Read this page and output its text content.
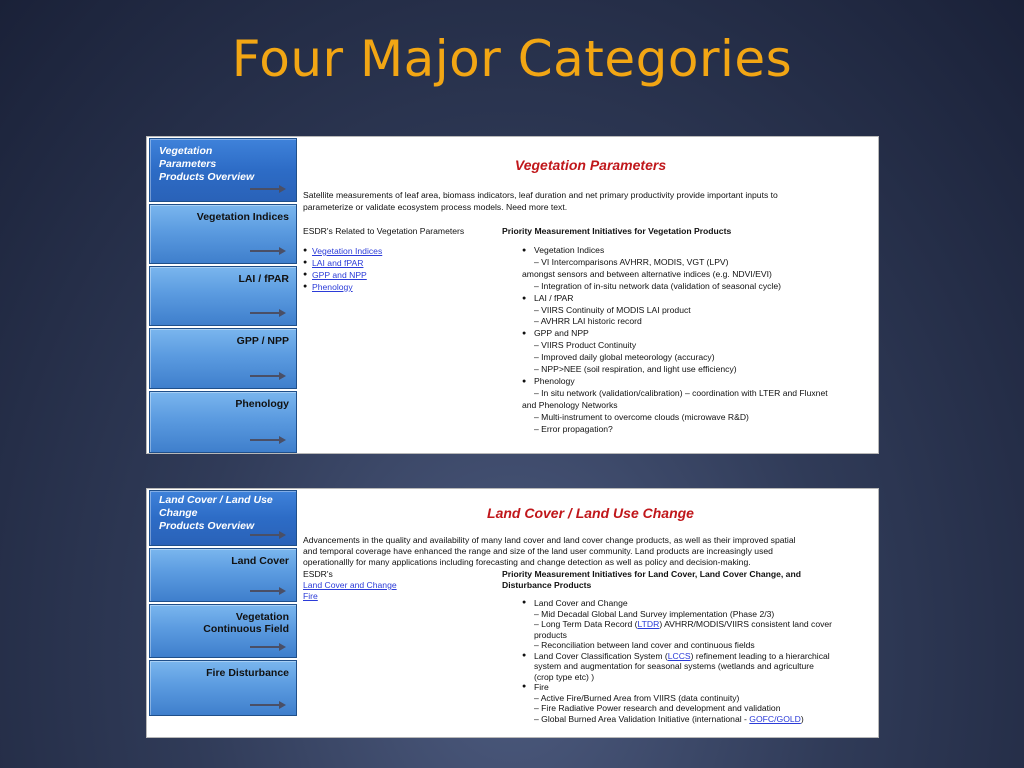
Four Major Categories
Vegetation
Parameters
Products Overview
Vegetation Indices
LAI / fPAR
GPP / NPP
Phenology
Vegetation Parameters
Satellite measurements of leaf area, biomass indicators, leaf duration and net primary productivity provide important inputs to
parameterize or validate ecosystem process models. Need more text.
ESDR's Related to Vegetation Parameters	Priority Measurement Initiatives for Vegetation Products
● Vegetation Indices
● LAI and fPAR
● GPP and NPP
● Phenology
● Vegetation Indices
– VI Intercomparisons AVHRR, MODIS, VGT (LPV)
amongst sensors and between alternative indices (e.g. NDVI/EVI)
– Integration of in-situ network data (validation of seasonal cycle)
● LAI / fPAR
– VIIRS Continuity of MODIS LAI product
– AVHRR LAI historic record
● GPP and NPP
– VIIRS Product Continuity
– Improved daily global meteorology (accuracy)
– NPP>NEE (soil respiration, and light use efficiency)
● Phenology
– In situ network (validation/calibration) – coordination with LTER and Fluxnet
and Phenology Networks
– Multi-instrument to overcome clouds (microwave R&D)
– Error propagation?
Land Cover / Land Use
Change
Products Overview
Land Cover
Vegetation
Continuous Field
Fire Disturbance
Land Cover / Land Use Change
Advancements in the quality and availability of many land cover and land cover change products, as well as their improved spatial
and temporal coverage have enhanced the range and size of the land user community. Land products are increasingly used
operationallly for many applications including forecasting and change detection as well as policy and decision-making.
ESDR's
Land Cover and Change
Fire
Priority Measurement Initiatives for Land Cover, Land Cover Change, and
Disturbance Products
● Land Cover and Change
– Mid Decadal Global Land Survey implementation (Phase 2/3)
– Long Term Data Record (LTDR) AVHRR/MODIS/VIIRS consistent land cover
products
– Reconciliation between land cover and continuous fields
● Land Cover Classification System (LCCS) refinement leading to a hierarchical
system and augmentation for seasonal systems (wetlands and agriculture
(crop type etc) )
● Fire
– Active Fire/Burned Area from VIIRS (data continuity)
– Fire Radiative Power research and development and validation
– Global Burned Area Validation Initiative (international - GOFC/GOLD)
